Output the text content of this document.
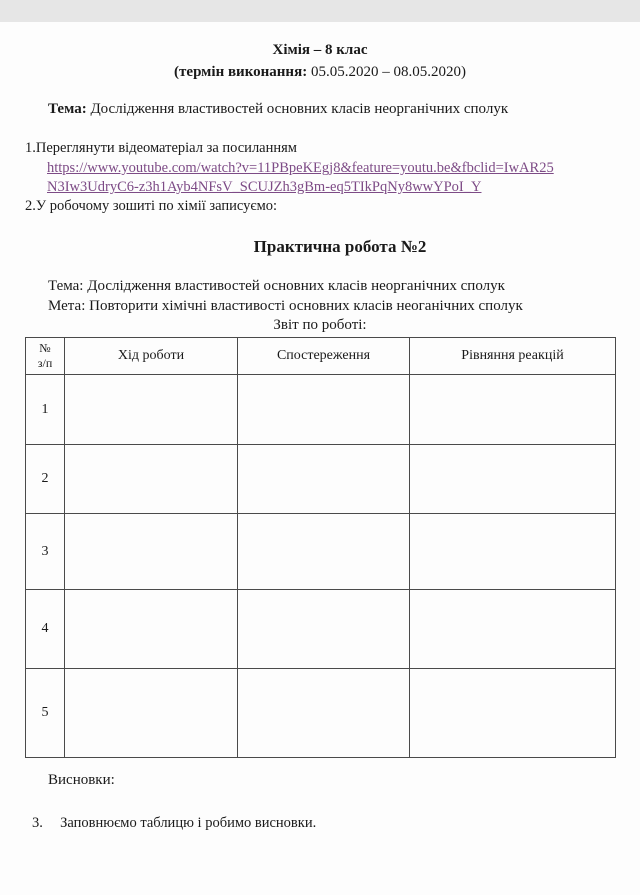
Хімія – 8 клас
(термін виконання: 05.05.2020 – 08.05.2020)
Тема: Дослідження властивостей основних класів неорганічних сполук
1.Переглянути відеоматеріал за посиланням
https://www.youtube.com/watch?v=11PBpeKEgj8&feature=youtu.be&fbclid=IwAR25
N3Iw3UdryC6-z3h1Ayb4NFsV_SCUJZh3gBm-eq5TIkPqNy8wwYPoI_Y
2.У робочому зошиті по хімії записуємо:
Практична робота №2
Тема: Дослідження властивостей основних класів неорганічних сполук
Мета: Повторити хімічні властивості основних класів неоганічних сполук
Звіт по роботі:
№
з/п	Хід роботи	Спостереження	Рівняння реакцій
1			
2			
3			
4			
5			
Висновки:
3. Заповнюємо таблицю і робимо висновки.
